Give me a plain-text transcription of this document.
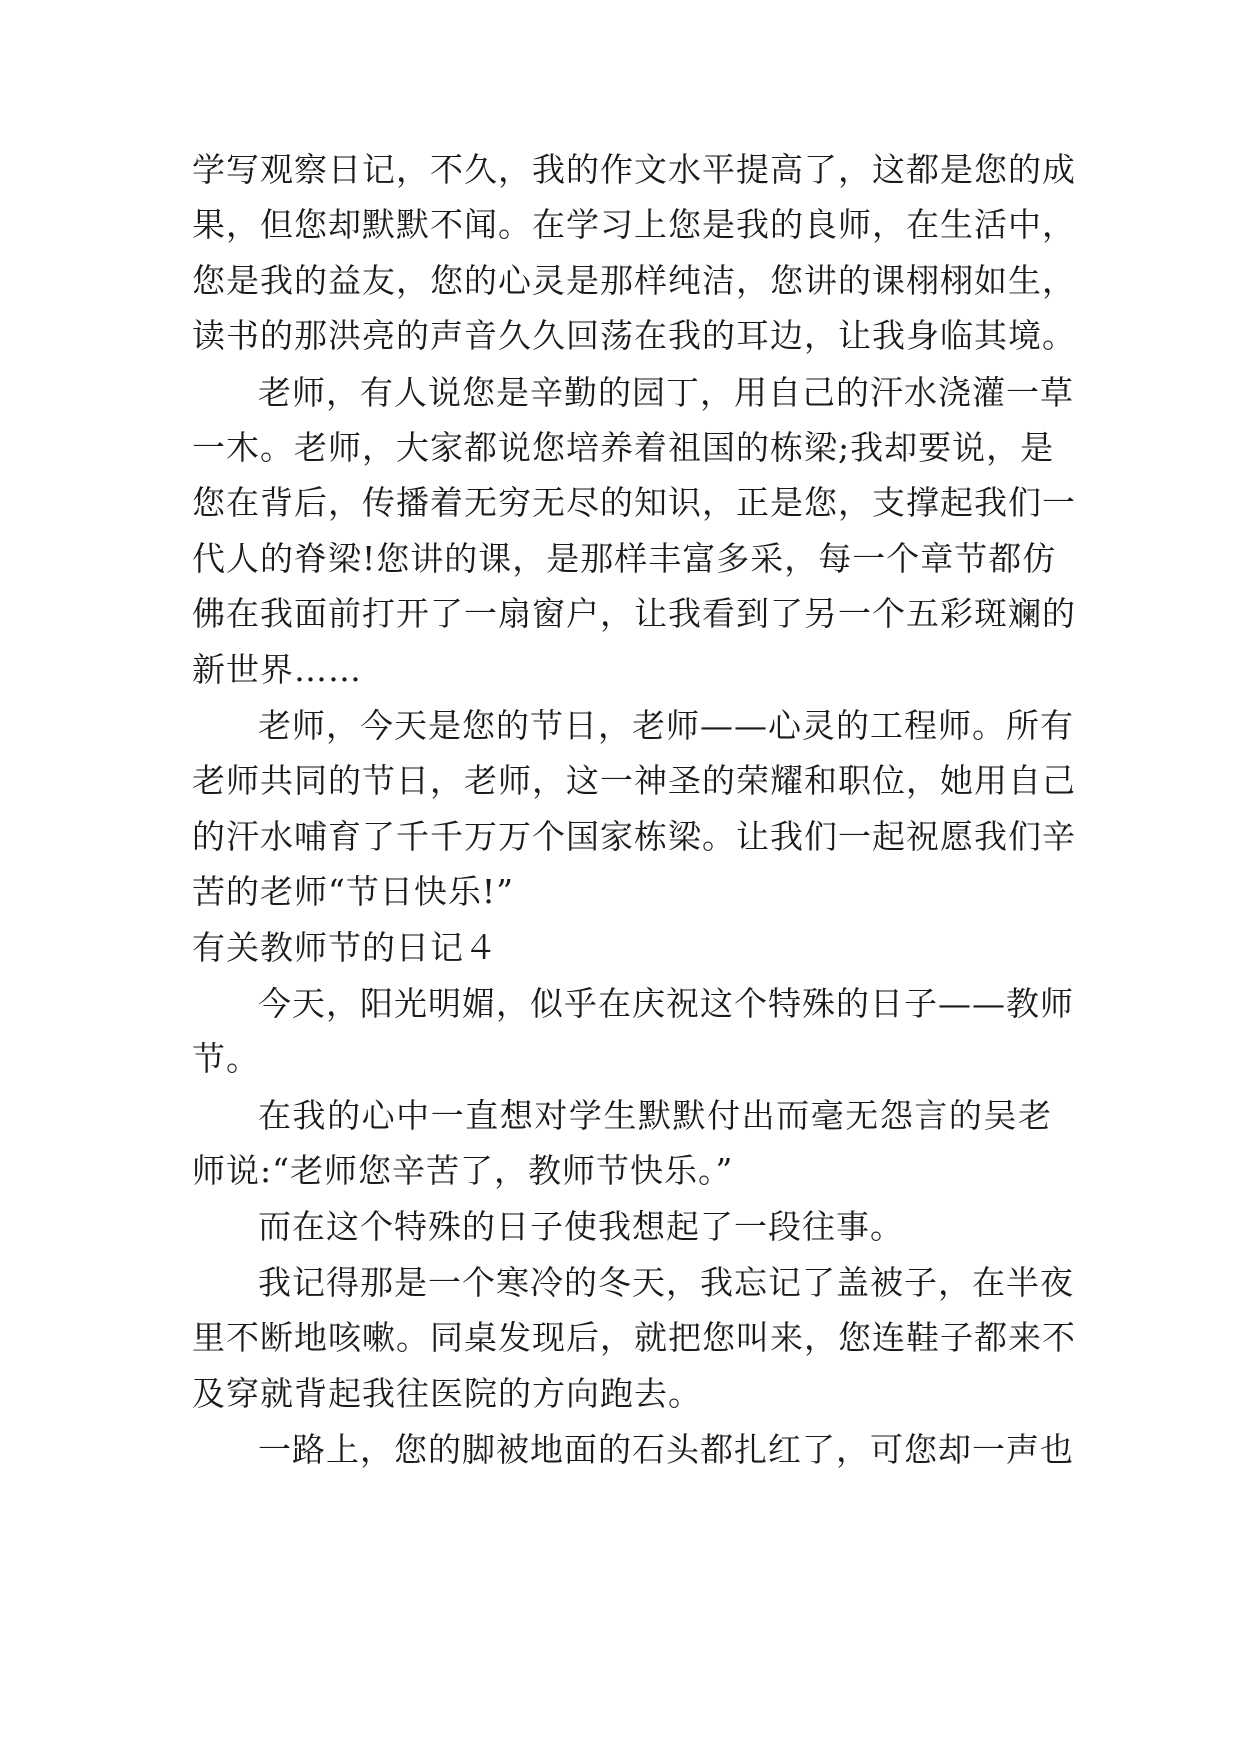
学写观察日记，不久，我的作文水平提高了，这都是您的成
果，但您却默默不闻。在学习上您是我的良师，在生活中，
您是我的益友，您的心灵是那样纯洁，您讲的课栩栩如生，
读书的那洪亮的声音久久回荡在我的耳边，让我身临其境。
老师，有人说您是辛勤的园丁，用自己的汗水浇灌一草
一木。老师，大家都说您培养着祖国的栋梁;我却要说，是
您在背后，传播着无穷无尽的知识，正是您，支撑起我们一
代人的脊梁!您讲的课，是那样丰富多采，每一个章节都仿
佛在我面前打开了一扇窗户，让我看到了另一个五彩斑斓的
新世界……
老师，今天是您的节日，老师——心灵的工程师。所有
老师共同的节日，老师，这一神圣的荣耀和职位，她用自己
的汗水哺育了千千万万个国家栋梁。让我们一起祝愿我们辛
苦的老师“节日快乐!”
有关教师节的日记４
今天，阳光明媚，似乎在庆祝这个特殊的日子——教师
节。
在我的心中一直想对学生默默付出而毫无怨言的吴老
师说:“老师您辛苦了，教师节快乐。”
而在这个特殊的日子使我想起了一段往事。
我记得那是一个寒冷的冬天，我忘记了盖被子，在半夜
里不断地咳嗽。同桌发现后，就把您叫来，您连鞋子都来不
及穿就背起我往医院的方向跑去。
一路上，您的脚被地面的石头都扎红了，可您却一声也
